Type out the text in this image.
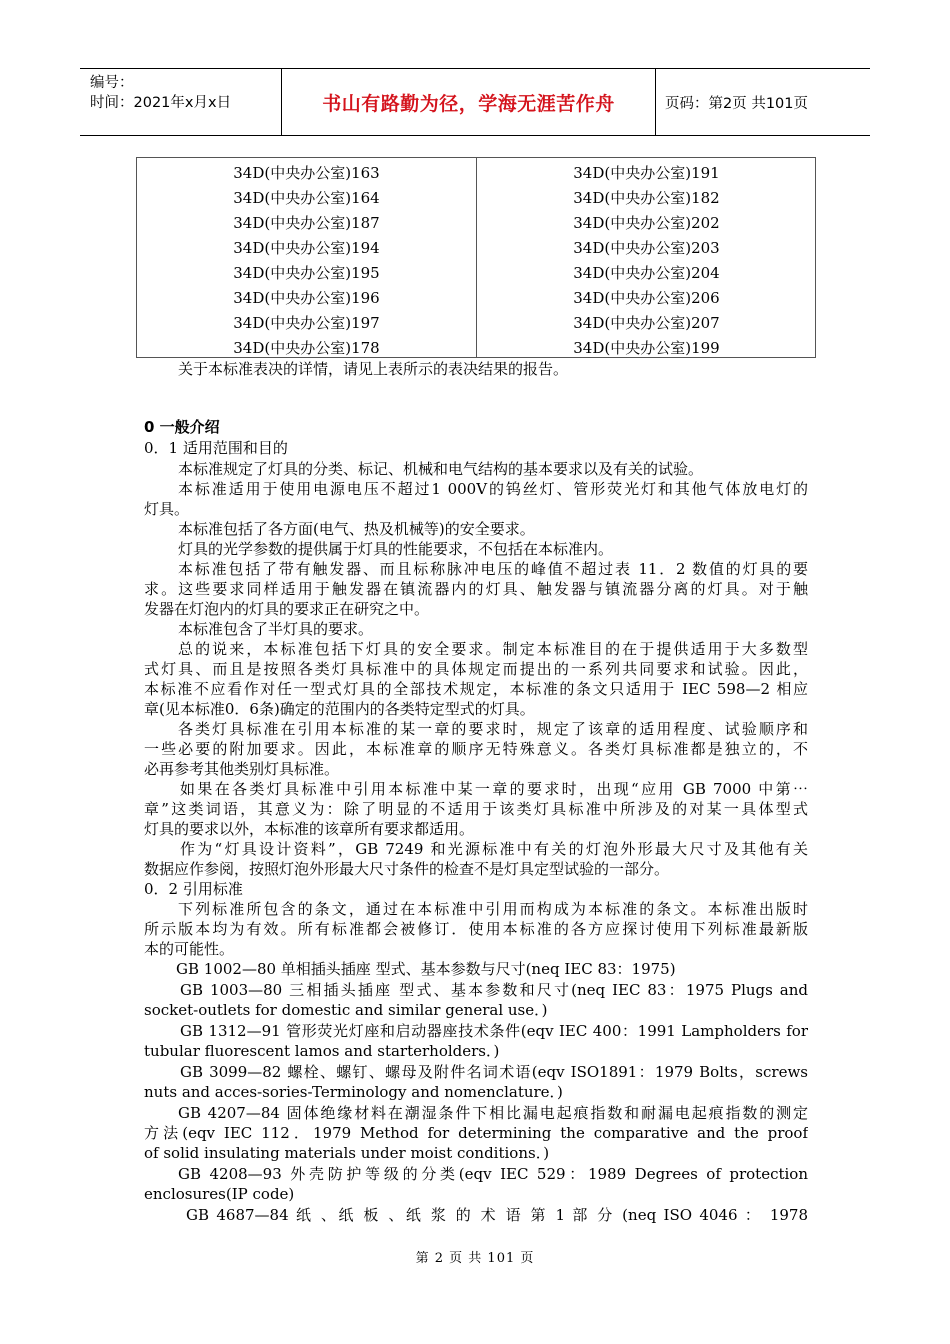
编号：
时间：2021年x月x日	书山有路勤为径，学海无涯苦作舟	页码：第2页 共101页
34D(中央办公室)163
34D(中央办公室)164
34D(中央办公室)187
34D(中央办公室)194
34D(中央办公室)195
34D(中央办公室)196
34D(中央办公室)197
34D(中央办公室)178
34D(中央办公室)191
34D(中央办公室)182
34D(中央办公室)202
34D(中央办公室)203
34D(中央办公室)204
34D(中央办公室)206
34D(中央办公室)207
34D(中央办公室)199
关于本标准表决的详情，请见上表所示的表决结果的报告。
0 一般介绍
0．1 适用范围和目的
本标准规定了灯具的分类、标记、机械和电气结构的基本要求以及有关的试验。
本标准适用于使用电源电压不超过1 000V的钨丝灯、管形荧光灯和其他气体放电灯的
灯具。
本标准包括了各方面(电气、热及机械等)的安全要求。
灯具的光学参数的提供属于灯具的性能要求，不包括在本标准内。
本标准包括了带有触发器、而且标称脉冲电压的峰值不超过表 11．2 数值的灯具的要
求。这些要求同样适用于触发器在镇流器内的灯具、触发器与镇流器分离的灯具。对于触
发器在灯泡内的灯具的要求正在研究之中。
本标准包含了半灯具的要求。
总的说来，本标准包括下灯具的安全要求。制定本标准目的在于提供适用于大多数型
式灯具、而且是按照各类灯具标准中的具体规定而提出的一系列共同要求和试验。因此，
本标准不应看作对任一型式灯具的全部技术规定，本标准的条文只适用于 IEC 598—2 相应
章(见本标准0．6条)确定的范围内的各类特定型式的灯具。
各类灯具标准在引用本标准的某一章的要求时，规定了该章的适用程度、试验顺序和
一些必要的附加要求。因此，本标准章的顺序无特殊意义。各类灯具标准都是独立的，不
必再参考其他类别灯具标准。
如果在各类灯具标准中引用本标准中某一章的要求时，出现“应用 GB 7000 中第⋯
章”这类词语，其意义为：除了明显的不适用于该类灯具标准中所涉及的对某一具体型式
灯具的要求以外，本标准的该章所有要求都适用。
作为“灯具设计资料”，GB 7249 和光源标准中有关的灯泡外形最大尺寸及其他有关
数据应作参阅，按照灯泡外形最大尺寸条件的检查不是灯具定型试验的一部分。
0．2 引用标准
下列标准所包含的条文，通过在本标准中引用而构成为本标准的条文。本标准出版时
所示版本均为有效。所有标准都会被修订．使用本标准的各方应探讨使用下列标准最新版
本的可能性。
GB 1002—80 单相插头插座 型式、基本参数与尺寸(neq IEC 83：1975)
GB 1003—80 三相插头插座 型式、基本参数和尺寸(neq IEC 83：1975 Plugs and
socket-outlets for domestic and similar general use．)
GB 1312—91 管形荧光灯座和启动器座技术条件(eqv IEC 400：1991 Lampholders for
tubular fluorescent lamos and starterholders．)
GB 3099—82 螺栓、螺钉、螺母及附件名词术语(eqv ISO1891：1979 Bolts，screws
nuts and acces-sories-Terminology and nomenclature．)
GB 4207—84 固体绝缘材料在潮湿条件下相比漏电起痕指数和耐漏电起痕指数的测定
方法(eqv IEC 112．1979 Method for determining the comparative and the proof
of solid insulating materials under moist conditions．)
GB 4208—93 外壳防护等级的分类(eqv IEC 529：1989 Degrees of protection
enclosures(IP code)
GB 4687—84 纸 、纸 板 、纸 浆 的 术 语 第 1 部 分 (neq ISO 4046 ： 1978
第 2 页 共 101 页
